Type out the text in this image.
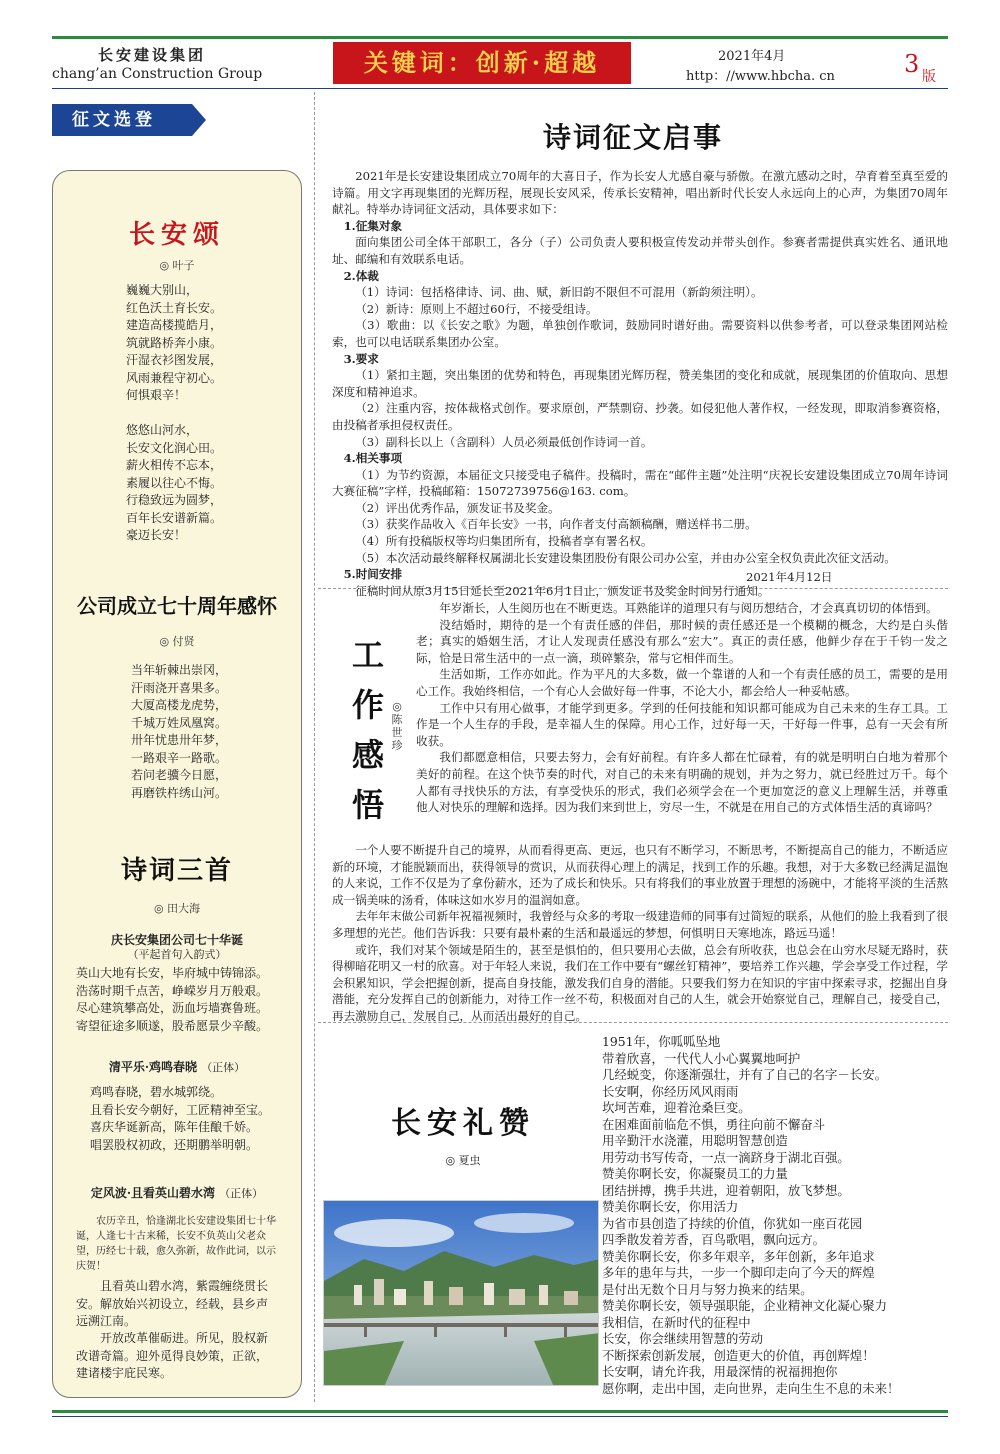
长安建设集团
chang’an Construction Group	关键词：创新·超越	2021年4月
http：//www.hbcha. cn	3 版
征文选登
长安颂
◎ 叶子
巍巍大别山，
红色沃土育长安。
建造高楼揽皓月，
筑就路桥奔小康。
汗湿衣衫图发展，
风雨兼程守初心。
何惧艰辛！
悠悠山河水，
长安文化润心田。
薪火相传不忘本，
素履以往心不悔。
行稳致远为圆梦，
百年长安谱新篇。
豪迈长安！
公司成立七十周年感怀
◎ 付贤
当年斩棘出崇冈，
汗雨浇开喜果多。
大厦高楼龙虎势，
千城万姓凤凰窝。
卅年忧患卅年梦，
一路艰辛一路歌。
若问老骥今日愿，
再磨铁杵绣山河。
诗词三首
◎ 田大海
庆长安集团公司七十华诞
（平起首句入韵式）
英山大地有长安，毕府城中铸锦添。
浩荡时期千点苦，峥嵘岁月万般艰。
尽心建筑攀高处，沥血圬墙赛鲁班。
寄望征途多顺遂，股希愿景少辛酸。
清平乐·鸡鸣春晓 （正体）
鸡鸣春晓，碧水城郭绕。
且看长安今朝好，工匠精神至宝。
喜庆华诞新高，陈年佳酿千娇。
唱罢股权初政，还期鹏举明朝。
定风波·且看英山碧水湾 （正体）
农历辛丑，恰逢湖北长安建设集团七十华诞，人逢七十古来稀，长安不负英山父老众望，历经七十载，愈久弥新，故作此词，以示庆贺！
且看英山碧水湾，紫霞缠绕贯长安。解放始兴初设立，经载，县乡声远溯江南。
开放改革催砺进。所见，股权新改谱奇篇。迎外觅得良妙策，正欲，建诸楼宇庇民寒。
诗词征文启事

2021年是长安建设集团成立70周年的大喜日子，作为长安人尤感自豪与骄傲。在激亢感动之时，孕育着至真至爱的诗篇。用文字再现集团的光辉历程，展现长安风采，传承长安精神，唱出新时代长安人永远向上的心声，为集团70周年献礼。特举办诗词征文活动，具体要求如下：

1.征集对象

面向集团公司全体干部职工，各分（子）公司负责人要积极宣传发动并带头创作。参赛者需提供真实姓名、通讯地址、邮编和有效联系电话。

2.体裁

（1）诗词：包括格律诗、词、曲、赋，新旧韵不限但不可混用（新韵须注明）。

（2）新诗：原则上不超过60行，不接受组诗。

（3）歌曲：以《长安之歌》为题，单独创作歌词，鼓励同时谱好曲。需要资料以供参考者，可以登录集团网站检索，也可以电话联系集团办公室。

3.要求

（1）紧扣主题，突出集团的优势和特色，再现集团光辉历程，赞美集团的变化和成就，展现集团的价值取向、思想深度和精神追求。

（2）注重内容，按体裁格式创作。要求原创，严禁剽窃、抄袭。如侵犯他人著作权，一经发现，即取消参赛资格，由投稿者承担侵权责任。

（3）副科长以上（含副科）人员必须最低创作诗词一首。

4.相关事项

（1）为节约资源，本届征文只接受电子稿件。投稿时，需在“邮件主题”处注明“庆祝长安建设集团成立70周年诗词大赛征稿”字样，投稿邮箱：15072739756@163. com。

（2）评出优秀作品，颁发证书及奖金。

（3）获奖作品收入《百年长安》一书，向作者支付高额稿酬，赠送样书二册。

（4）所有投稿版权等均归集团所有，投稿者享有署名权。

（5）本次活动最终解释权属湖北长安建设集团股份有限公司办公室，并由办公室全权负责此次征文活动。

5.时间安排

征稿时间从原3月15日延长至2021年6月1日止，颁发证书及奖金时间另行通知。

2021年4月12日
工
作
感
悟
◎陈世珍

年岁渐长，人生阅历也在不断更迭。耳熟能详的道理只有与阅历想结合，才会真真切切的体悟到。

没结婚时，期待的是一个有责任感的伴侣，那时候的责任感还是一个模糊的概念，大约是白头偕老；真实的婚姻生活，才让人发现责任感没有那么“宏大”。真正的责任感，他鲜少存在于千钧一发之际，恰是日常生活中的一点一滴，琐碎繁杂，常与它相伴而生。

生活如斯，工作亦如此。作为平凡的大多数，做一个靠谱的人和一个有责任感的员工，需要的是用心工作。我始终相信，一个有心人会做好每一件事，不论大小，都会给人一种妥帖感。

工作中只有用心做事，才能学到更多。学到的任何技能和知识都可能成为自己未来的生存工具。工作是一个人生存的手段，是幸福人生的保障。用心工作，过好每一天，干好每一件事，总有一天会有所收获。

我们都愿意相信，只要去努力，会有好前程。有许多人都在忙碌着，有的就是明明白白地为着那个美好的前程。在这个快节奏的时代，对自己的未来有明确的规划，并为之努力，就已经胜过万千。每个人都有寻找快乐的方法，有享受快乐的形式，我们必须学会在一个更加宽泛的意义上理解生活，并尊重他人对快乐的理解和选择。因为我们来到世上，穷尽一生，不就是在用自己的方式体悟生活的真谛吗？

一个人要不断提升自己的境界，从而看得更高、更远，也只有不断学习，不断思考，不断提高自己的能力，不断适应新的环境，才能脱颖而出，获得领导的赏识，从而获得心理上的满足，找到工作的乐趣。我想，对于大多数已经满足温饱的人来说，工作不仅是为了拿份薪水，还为了成长和快乐。只有将我们的事业放置于理想的汤碗中，才能将平淡的生活熬成一锅美味的汤肴，体味这如水岁月的温润如意。

去年年末做公司新年祝福视频时，我曾经与众多的考取一级建造师的同事有过简短的联系，从他们的脸上我看到了很多理想的光芒。他们告诉我：只要有最朴素的生活和最遥远的梦想，何惧明日天寒地冻，路远马遥！

或许，我们对某个领域是陌生的，甚至是惧怕的，但只要用心去做，总会有所收获，也总会在山穷水尽疑无路时，获得柳暗花明又一村的欣喜。对于年轻人来说，我们在工作中要有“螺丝钉精神”，要培养工作兴趣，学会享受工作过程，学会积累知识，学会把握创新，提高自身技能，激发我们自身的潜能。只要我们努力在知识的宇宙中探索寻求，挖掘出自身潜能，充分发挥自己的创新能力，对待工作一丝不苟，积极面对自己的人生，就会开始察觉自己，理解自己，接受自己，再去激励自己，发展自己，从而活出最好的自己。

长安礼赞
◎ 夏虫
1951年，你呱呱坠地
带着欣喜，一代代人小心翼翼地呵护
几经蜕变，你逐渐强壮，并有了自己的名字－长安。
长安啊，你经历风风雨雨
坎坷苦难，迎着沧桑巨变。
在困难面前临危不惧，勇往向前不懈奋斗
用辛勤汗水浇灌，用聪明智慧创造
用劳动书写传奇，一点一滴跻身于湖北百强。
赞美你啊长安，你凝聚员工的力量
团结拼搏，携手共进，迎着朝阳，放飞梦想。
赞美你啊长安，你用活力
为省市县创造了持续的价值，你犹如一座百花园
四季散发着芳香，百鸟歌唱，飘向远方。
赞美你啊长安，你多年艰辛，多年创新，多年追求
多年的患年与共，一步一个脚印走向了今天的辉煌
是付出无数个日月与努力换来的结果。
赞美你啊长安，领导强职能，企业精神文化凝心聚力
我相信，在新时代的征程中
长安，你会继续用智慧的劳动
不断探索创新发展，创造更大的价值，再创辉煌！
长安啊，请允许我，用最深情的祝福拥抱你
愿你啊，走出中国，走向世界，走向生生不息的未来！
